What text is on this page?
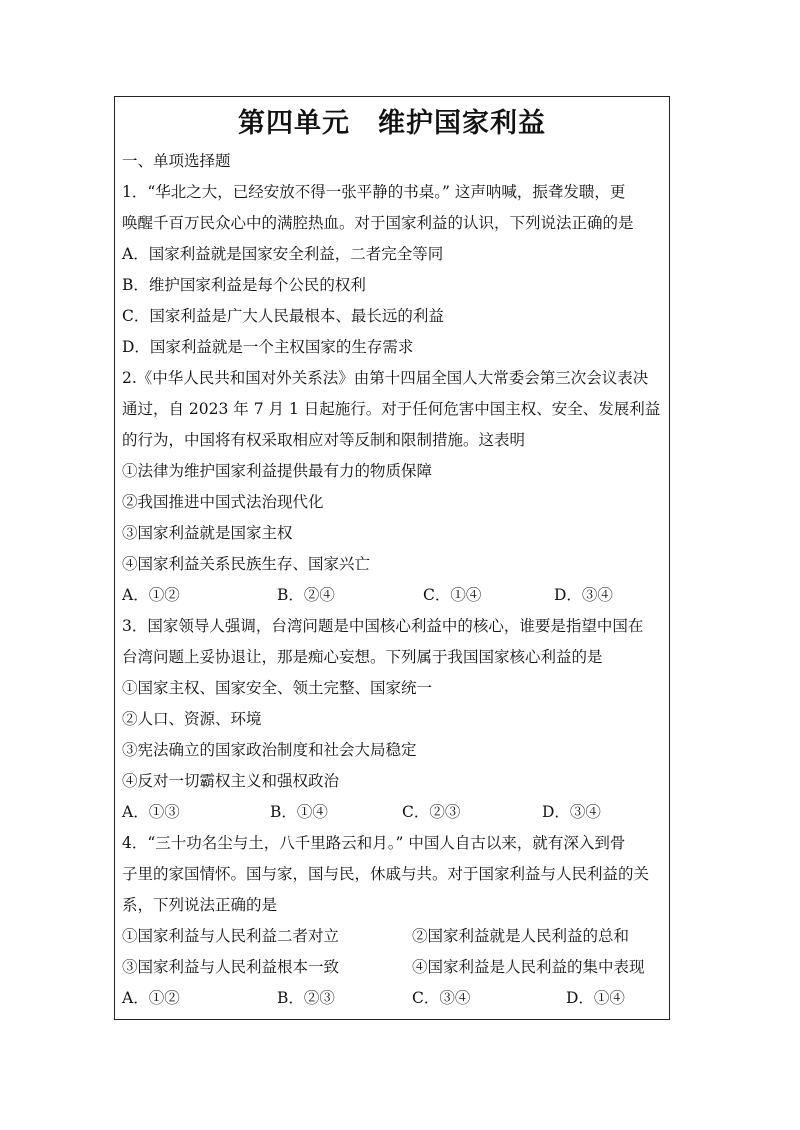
第四单元　维护国家利益
一、单项选择题
1．“华北之大，已经安放不得一张平静的书桌。” 这声呐喊，振聋发聩，更
唤醒千百万民众心中的满腔热血。对于国家利益的认识，下列说法正确的是
A．国家利益就是国家安全利益，二者完全等同
B．维护国家利益是每个公民的权利
C．国家利益是广大人民最根本、最长远的利益
D．国家利益就是一个主权国家的生存需求
2.《中华人民共和国对外关系法》由第十四届全国人大常委会第三次会议表决
通过，自 2023 年 7 月 1 日起施行。对于任何危害中国主权、安全、发展利益
的行为，中国将有权采取相应对等反制和限制措施。这表明
①法律为维护国家利益提供最有力的物质保障
②我国推进中国式法治现代化
③国家利益就是国家主权
④国家利益关系民族生存、国家兴亡
A．①②	B．②④	C．①④	D．③④
3．国家领导人强调，台湾问题是中国核心利益中的核心，谁要是指望中国在
台湾问题上妥协退让，那是痴心妄想。下列属于我国国家核心利益的是
①国家主权、国家安全、领土完整、国家统一
②人口、资源、环境
③宪法确立的国家政治制度和社会大局稳定
④反对一切霸权主义和强权政治
A．①③	B．①④	C．②③	D．③④
4．“三十功名尘与土，八千里路云和月。” 中国人自古以来，就有深入到骨
子里的家国情怀。国与家，国与民，休戚与共。对于国家利益与人民利益的关
系，下列说法正确的是
①国家利益与人民利益二者对立	②国家利益就是人民利益的总和
③国家利益与人民利益根本一致	④国家利益是人民利益的集中表现
A．①②	B．②③	C．③④	D．①④
